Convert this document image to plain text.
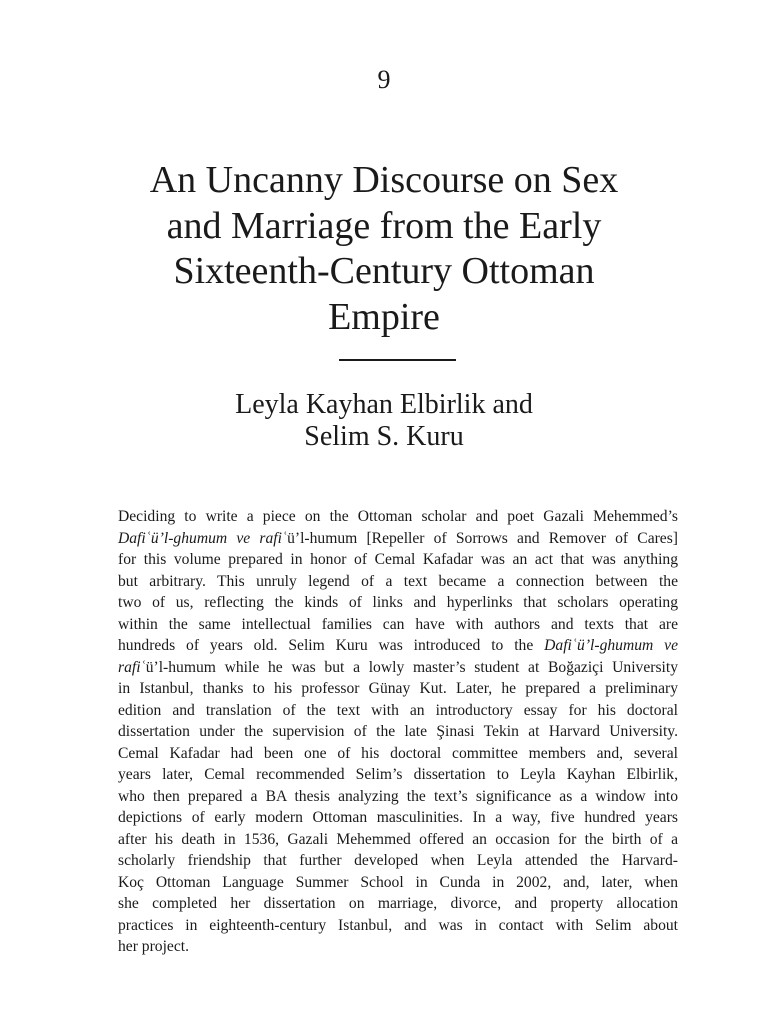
9
An Uncanny Discourse on Sex
and Marriage from the Early
Sixteenth-Century Ottoman
Empire
Leyla Kayhan Elbirlik and
Selim S. Kuru
Deciding to write a piece on the Ottoman scholar and poet Gazali Mehemmed’s
Dafiʿü’l-ghumum ve rafiʿü’l-humum [Repeller of Sorrows and Remover of Cares]
for this volume prepared in honor of Cemal Kafadar was an act that was anything
but arbitrary. This unruly legend of a text became a connection between the
two of us, reflecting the kinds of links and hyperlinks that scholars operating
within the same intellectual families can have with authors and texts that are
hundreds of years old. Selim Kuru was introduced to the Dafiʿü’l-ghumum ve
rafiʿü’l-humum while he was but a lowly master’s student at Boğaziçi University
in Istanbul, thanks to his professor Günay Kut. Later, he prepared a preliminary
edition and translation of the text with an introductory essay for his doctoral
dissertation under the supervision of the late Şinasi Tekin at Harvard University.
Cemal Kafadar had been one of his doctoral committee members and, several
years later, Cemal recommended Selim’s dissertation to Leyla Kayhan Elbirlik,
who then prepared a BA thesis analyzing the text’s significance as a window into
depictions of early modern Ottoman masculinities. In a way, five hundred years
after his death in 1536, Gazali Mehemmed offered an occasion for the birth of a
scholarly friendship that further developed when Leyla attended the Harvard-
Koç Ottoman Language Summer School in Cunda in 2002, and, later, when
she completed her dissertation on marriage, divorce, and property allocation
practices in eighteenth-century Istanbul, and was in contact with Selim about
her project.
